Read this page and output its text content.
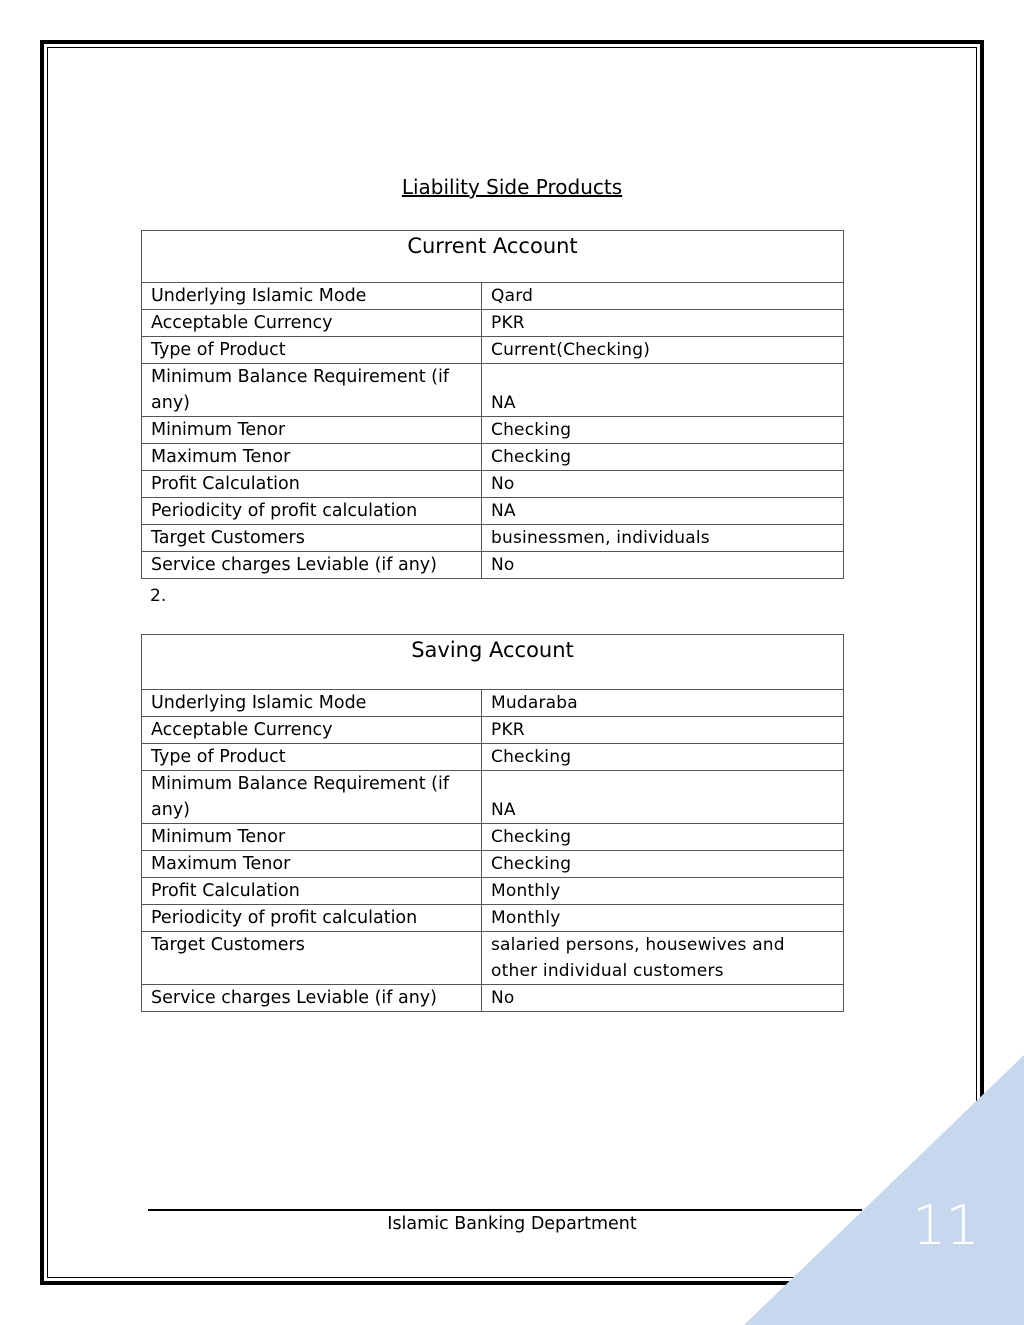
Liability Side Products
Current Account	
Underlying Islamic Mode	Qard
Acceptable Currency	PKR
Type of Product	Current(Checking)
Minimum Balance Requirement (if any)	NA
Minimum Tenor	Checking
Maximum Tenor	Checking
Profit Calculation	No
Periodicity of profit calculation	NA
Target Customers	businessmen, individuals
Service charges Leviable (if any)	No
2.
Saving Account	
Underlying Islamic Mode	Mudaraba
Acceptable Currency	PKR
Type of Product	Checking
Minimum Balance Requirement (if any)	NA
Minimum Tenor	Checking
Maximum Tenor	Checking
Profit Calculation	Monthly
Periodicity of profit calculation	Monthly
Target Customers	salaried persons, housewives and other individual customers
Service charges Leviable (if any)	No
Islamic Banking Department	11
